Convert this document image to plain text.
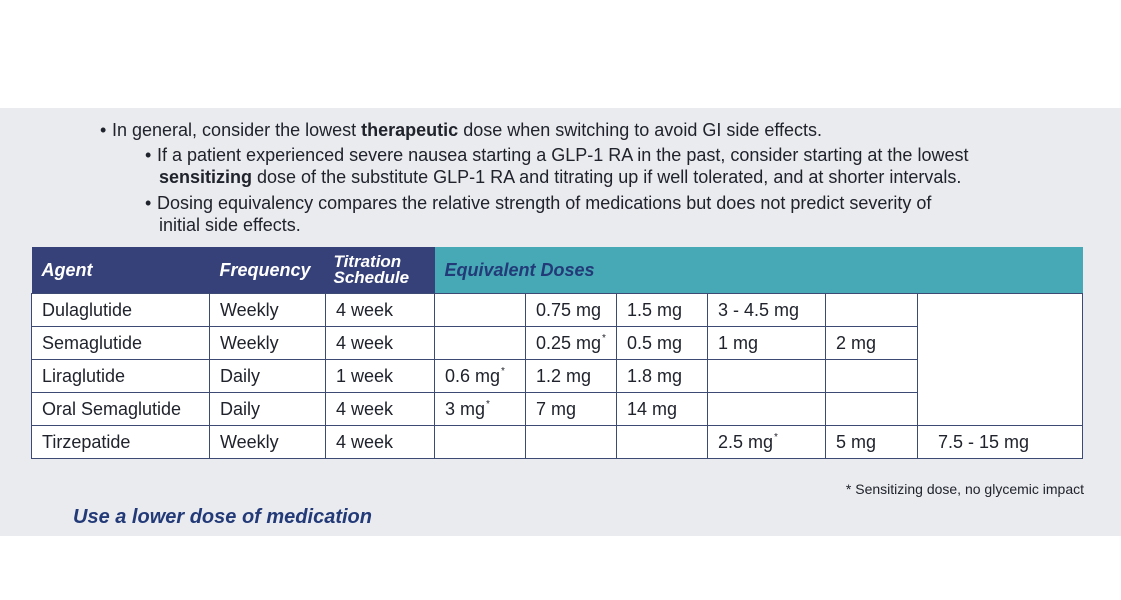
• In general, consider the lowest therapeutic dose when switching to avoid GI side effects.
• If a patient experienced severe nausea starting a GLP-1 RA in the past, consider starting at the lowest
sensitizing dose of the substitute GLP-1 RA and titrating up if well tolerated, and at shorter intervals.
• Dosing equivalency compares the relative strength of medications but does not predict severity of
initial side effects.
Agent	Frequency	Titration
Schedule	Equivalent Doses					
Dulaglutide	Weekly	4 week		0.75 mg	1.5 mg	3 - 4.5 mg		
Semaglutide	Weekly	4 week		0.25 mg*	0.5 mg	1 mg	2 mg	
Liraglutide	Daily	1 week	0.6 mg*	1.2 mg	1.8 mg			
Oral Semaglutide	Daily	4 week	3 mg*	7 mg	14 mg			
Tirzepatide	Weekly	4 week				2.5 mg*	5 mg	7.5 - 15 mg
* Sensitizing dose, no glycemic impact
Use a lower dose of medication
